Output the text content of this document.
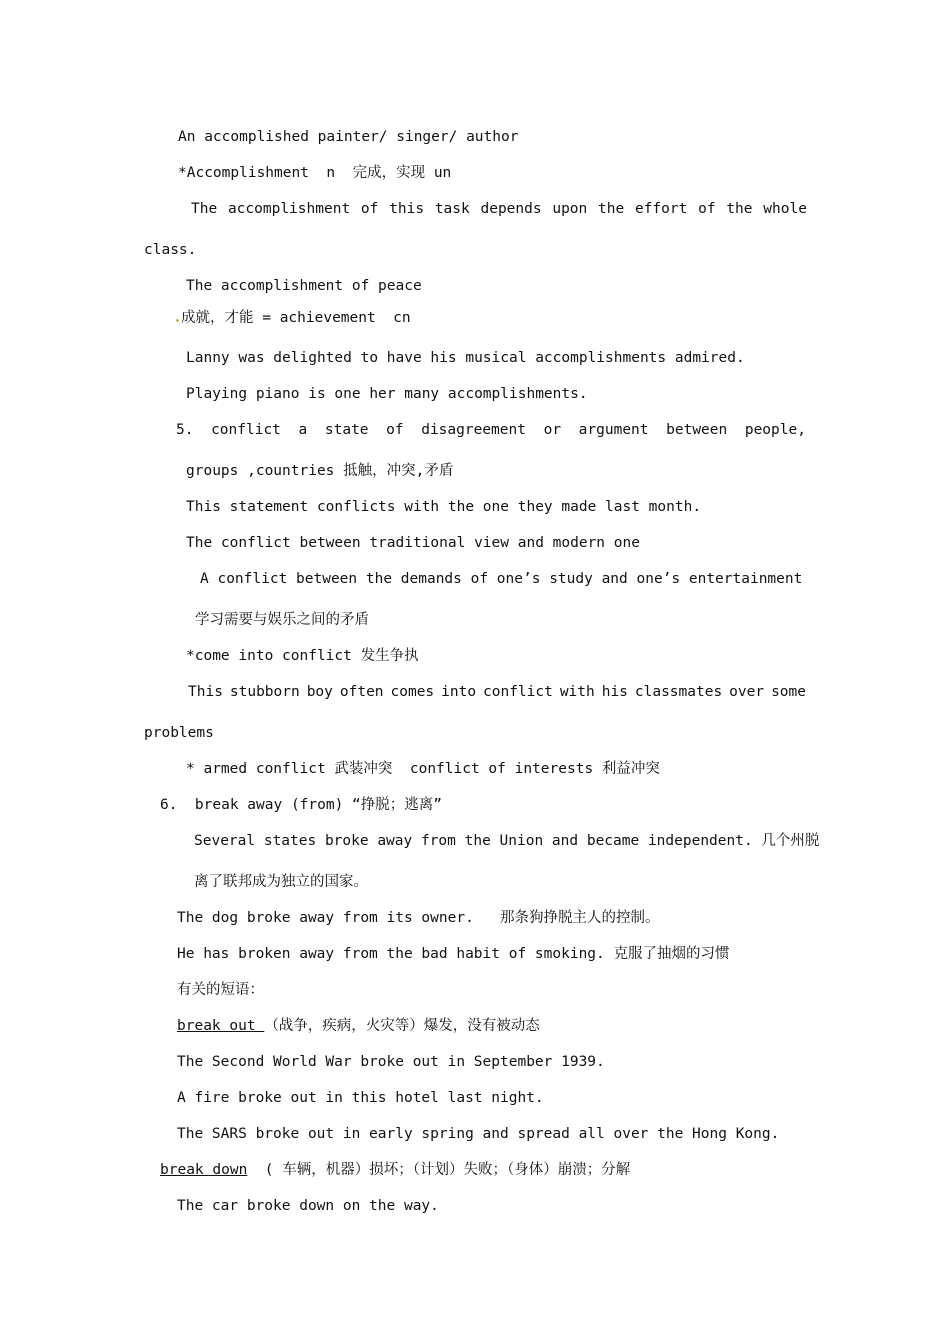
An accomplished painter/ singer/ author
*Accomplishment  n  完成，实现 un
The accomplishment of this task depends upon the effort of the whole
class.
The accomplishment of peace
成就，才能 = achievement  cn
Lanny was delighted to have his musical accomplishments admired.
Playing piano is one her many accomplishments.
5. conflict a state of disagreement or argument between people,
groups ,countries 抵触，冲突,矛盾
This statement conflicts with the one they made last month.
The conflict between traditional view and modern one
A conflict between the demands of one’s study and one’s entertainment
学习需要与娱乐之间的矛盾
*come into conflict 发生争执
This stubborn boy often comes into conflict with his classmates over some
problems
* armed conflict 武装冲突  conflict of interests 利益冲突
6.  break away (from) “挣脱；逃离”
Several states broke away from the Union and became independent. 几个州脱
离了联邦成为独立的国家。
The dog broke away from its owner.   那条狗挣脱主人的控制。
He has broken away from the bad habit of smoking. 克服了抽烟的习惯
有关的短语：
break out （战争，疾病，火灾等）爆发，没有被动态
The Second World War broke out in September 1939.
A fire broke out in this hotel last night.
The SARS broke out in early spring and spread all over the Hong Kong.
break down  ( 车辆，机器）损坏；（计划）失败；（身体）崩溃；分解
The car broke down on the way.
